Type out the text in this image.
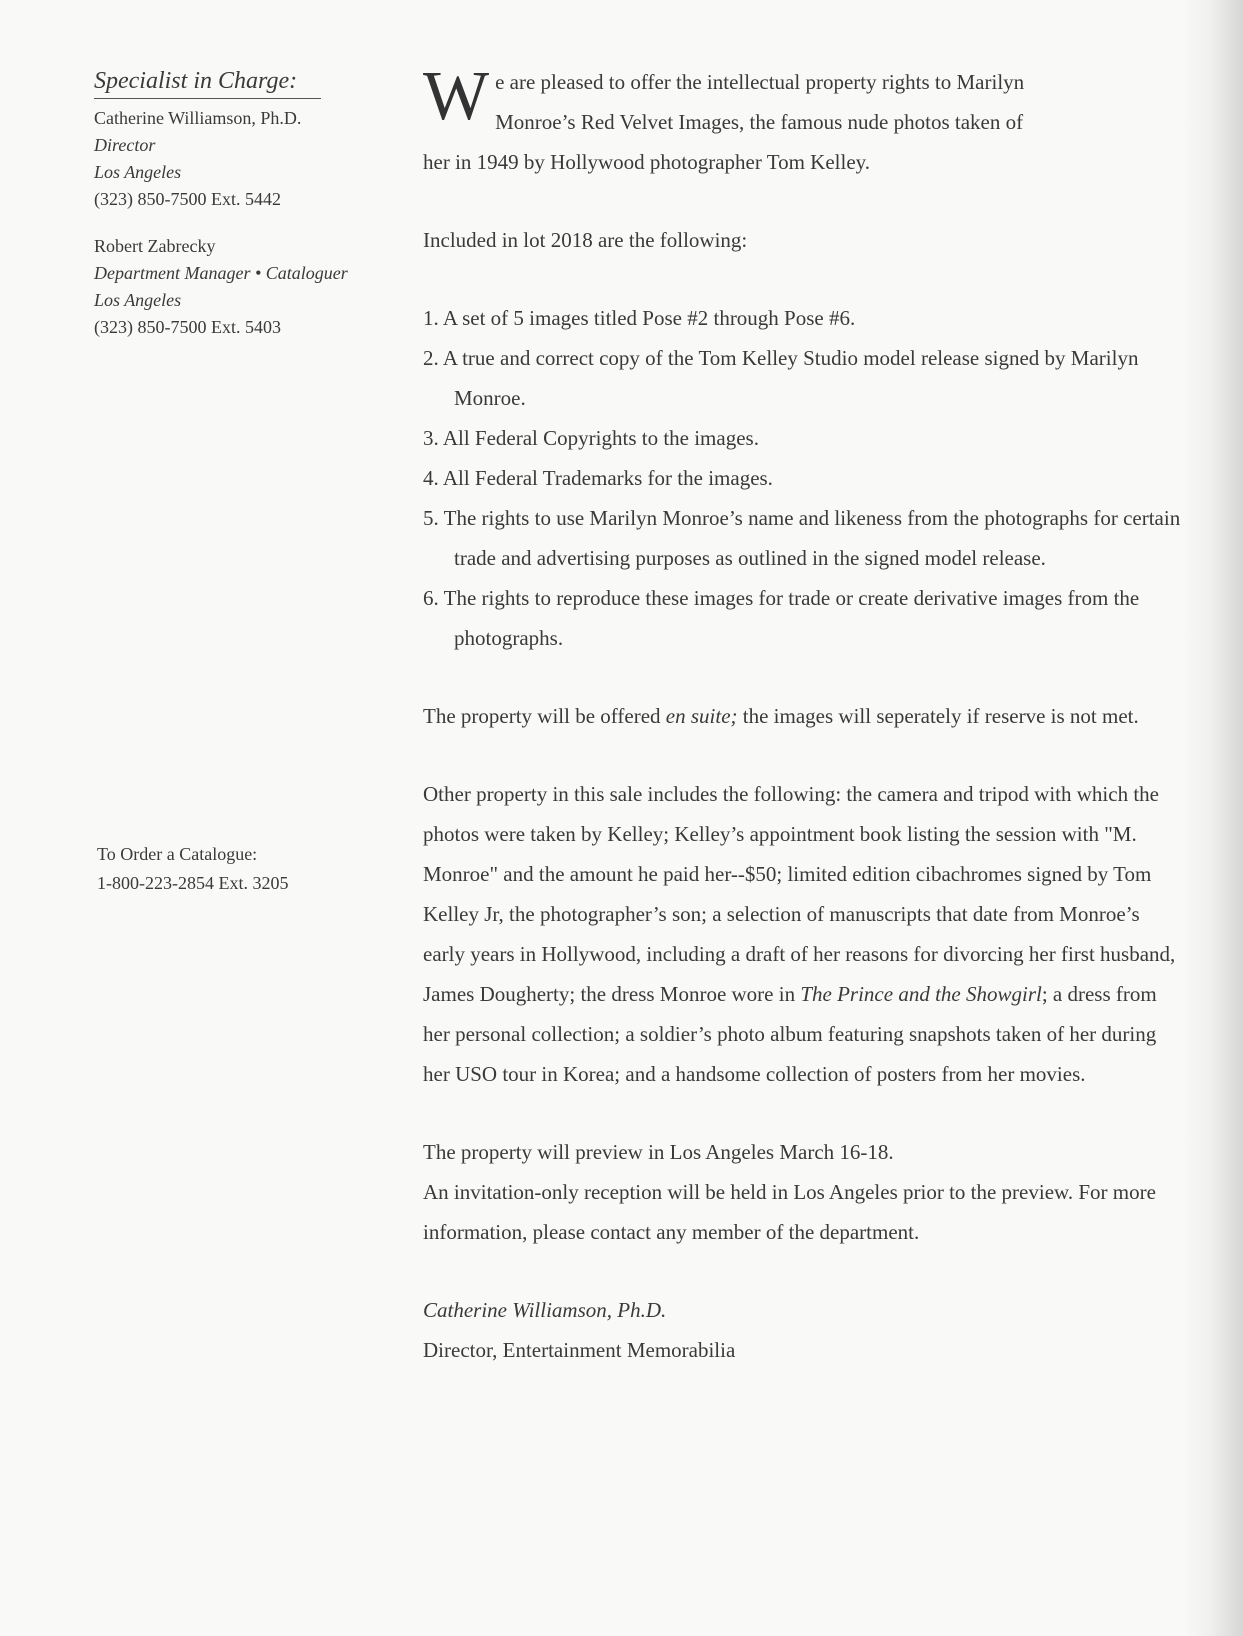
Specialist in Charge:
Catherine Williamson, Ph.D.
Director
Los Angeles
(323) 850-7500 Ext. 5442
Robert Zabrecky
Department Manager • Cataloguer
Los Angeles
(323) 850-7500 Ext. 5403
To Order a Catalogue:
1-800-223-2854 Ext. 3205

W e are pleased to offer the intellectual property rights to Marilyn
Monroe’s Red Velvet Images, the famous nude photos taken of
her in 1949 by Hollywood photographer Tom Kelley.

Included in lot 2018 are the following:

1. A set of 5 images titled Pose #2 through Pose #6.
2. A true and correct copy of the Tom Kelley Studio model release signed by Marilyn Monroe.
3. All Federal Copyrights to the images.
4. All Federal Trademarks for the images.
5. The rights to use Marilyn Monroe’s name and likeness from the photographs for certain trade and advertising purposes as outlined in the signed model release.
6. The rights to reproduce these images for trade or create derivative images from the photographs.

The property will be offered en suite; the images will seperately if reserve is not met.

Other property in this sale includes the following: the camera and tripod with which the photos were taken by Kelley; Kelley’s appointment book listing the session with "M. Monroe" and the amount he paid her--$50; limited edition cibachromes signed by Tom Kelley Jr, the photographer’s son; a selection of manuscripts that date from Monroe’s early years in Hollywood, including a draft of her reasons for divorcing her first husband, James Dougherty; the dress Monroe wore in The Prince and the Showgirl; a dress from her personal collection; a soldier’s photo album featuring snapshots taken of her during her USO tour in Korea; and a handsome collection of posters from her movies.

The property will preview in Los Angeles March 16-18.
An invitation-only reception will be held in Los Angeles prior to the preview. For more information, please contact any member of the department.

Catherine Williamson, Ph.D.
Director, Entertainment Memorabilia
